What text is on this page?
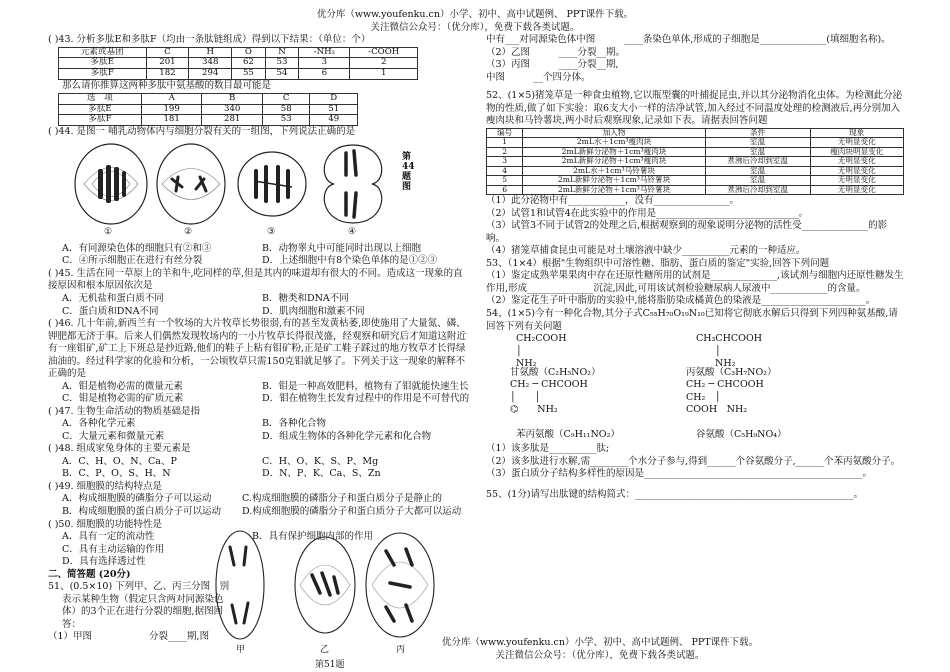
优分库（www.youfenku.cn）小学、初中、高中试题例、 PPT课件下载。
关注微信公众号：（优分库），免费下载各类试题。

( )43. 分析多肽E和多肽F（均由一条肽链组成）得到以下结果：（单位：个）

元素或基团	C	H	O	N	-NH₂	-COOH
多肽E	201	348	62	53	3	2
多肽F	182	294	55	54	6	1

那么请你推算这两种多肽中氨基酸的数目最可能是

选　项	A	B	C	D
多肽E	199	340	58	51
多肽F	181	281	53	49

( )44. 是图一 哺乳动物体内与细胞分裂有关的一组图，下列说法正确的是

①	②	③	④
第44题图
A．有同源染色体的细胞只有②和③	B．动物睾丸中可能同时出现以上细胞
C．④所示细胞正在进行有丝分裂	D．上述细胞中有8个染色单体的是①②③

( )45. 生活在同一草原上的羊和牛,吃同样的草,但是其内的味道却有很大的不同。造成这一现象的直接原因和根本原因依次是

A．无机盐和蛋白质不同	B．糖类和DNA不同
C．蛋白质和DNA不同	D．肌肉细胞和激素不同

( )46. 几十年前,新西兰有一个牧场的大片牧草长势很弱,有的甚至发黄枯萎,即使施用了大量氮、磷、钾肥都无济于事。后来人们偶然发现牧场内的一小片牧草长得很茂盛，经观察和研究后才知道这附近有一座钼矿,矿工上下班总是抄近路,他们的鞋子上粘有钼矿粉,正是矿工鞋子踩过的地方牧草才长得绿油油的。经过科学家的化验和分析，一公顷牧草只需150克钼就足够了。下列关于这一现象的解释不正确的是

A．钼是植物必需的微量元素	B．钼是一种高效肥料，植物有了钼就能快速生长
C．钼是植物必需的矿质元素	D．钼在植物生长发育过程中的作用是不可替代的

( )47. 生物生命活动的物质基础是指

A．各种化学元素	B．各种化合物
C．大量元素和微量元素	D．组成生物体的各种化学元素和化合物

( )48. 组成家兔身体的主要元素是

A．C、H、O、N、Ca、P	C．H、O、K、S、P、Mg
B．C、P、O、S、H、N	D．N、P、K、Ca、S、Zn

( )49. 细胞膜的结构特点是

A．构成细胞膜的磷脂分子可以运动	C.构成细胞膜的磷脂分子和蛋白质分子是静止的
B．构成细胞膜的蛋白质分子可以运动	D.构成细胞膜的磷脂分子和蛋白质分子大都可以运动

( )50. 细胞膜的功能特性是

A．具有一定的流动性	B．具有保护细胞内部的作用

C．具有主动运输的作用

D．具有选择透过性

二、简答题 (20分)

51、(0.5×10) 下列甲、乙、丙三分图　别

表示某种生物（假定只含两对同源染色

体）的3个正在进行分裂的细胞,据图回

答：

（1）甲图　　　　　　分裂____期,图

甲	乙	丙

中有___对同源染色体中图　　　____条染色单体,形成的子细胞是______________(填细胞名称)。

（2）乙图　　　____分裂__期。

（3）丙图　　　____分裂__期,

中图　　　__个四分体。

52、(1×5)猪笼草是一种食虫植物,它以瓶型囊的叶捕捉昆虫,并以其分泌物消化虫体。为检测此分泌物的性质,做了如下实验：取6支大小一样的洁净试管,加入经过不同温度处理的检测液后,再分别加入瘦肉块和马铃薯块,两小时后观察现象,记录如下表。请据表回答问题

编号	加入物	条件	现象
1	2mL水＋1cm³瘦肉块	室温	无明显变化
2	2mL新鲜分泌物＋1cm³瘦肉块	室温	瘦肉块明显变化
3	2mL新鲜分泌物＋1cm³瘦肉块	煮沸后冷却到室温	无明显变化
4	2mL水＋1cm³马铃薯块	室温	无明显变化
5	2mL新鲜分泌物＋1cm³马铃薯块	室温	无明显变化
6	2mL新鲜分泌物＋1cm³马铃薯块	煮沸后冷却到室温	无明显变化

（1）此分泌物中有____________，没有________________。

（2）试管1和试管4在此实验中的作用是______________________________。

（3）试管3不同于试管2的处理之后,根据观察到的现象说明分泌物的活性受______________的影响。

（4）猪笼草捕食昆虫可能是对土壤溶液中缺少__________元素的一种适应。

53、（1×4）根据"生物组织中可溶性糖、脂肪、蛋白质的鉴定"实验,回答下列问题

（1）鉴定成熟苹果果肉中存在还原性糖所用的试剂是______________,该试剂与细胞内还原性糖发生作用,形成______________沉淀,因此,可用该试剂检验糖尿病人尿液中____________的含量。

（2）鉴定花生子叶中脂肪的实验中,能将脂肪染成橘黄色的染液是______________________。

54、(1×5)今有一种化合物,其分子式C₅₅H₇₀O₁₉N₁₀已知将它彻底水解后只得到下列四种氨基酸,请回答下列有关问题

CH₂COOH
│
NH₂
甘氨酸（C₂H₅NO₂）
CH₃CHCOOH
　　│
　　NH₂
丙氨酸（C₃H₇NO₂）
CH₂ ─ CHCOOH
│　　│
⌬　　NH₂
苯丙氨酸（C₉H₁₁NO₂）
CH₂ ─ CHCOOH
CH₂　│
COOH　NH₂
谷氨酸（C₅H₉NO₄）

（1）该多肽是__________肽;

（2）该多肽进行水解,需________个水分子参与,得到______个谷氨酸分子,______个苯丙氨酸分子。

（3）蛋白质分子结构多样性的原因是______________________________________________。

55、(1分)请写出肽键的结构简式：______________________________________________。

优分库（www.youfenku.cn）小学、初中、高中试题例、 PPT课件下载。
关注微信公众号：（优分库），免费下载各类试题。
第51题
